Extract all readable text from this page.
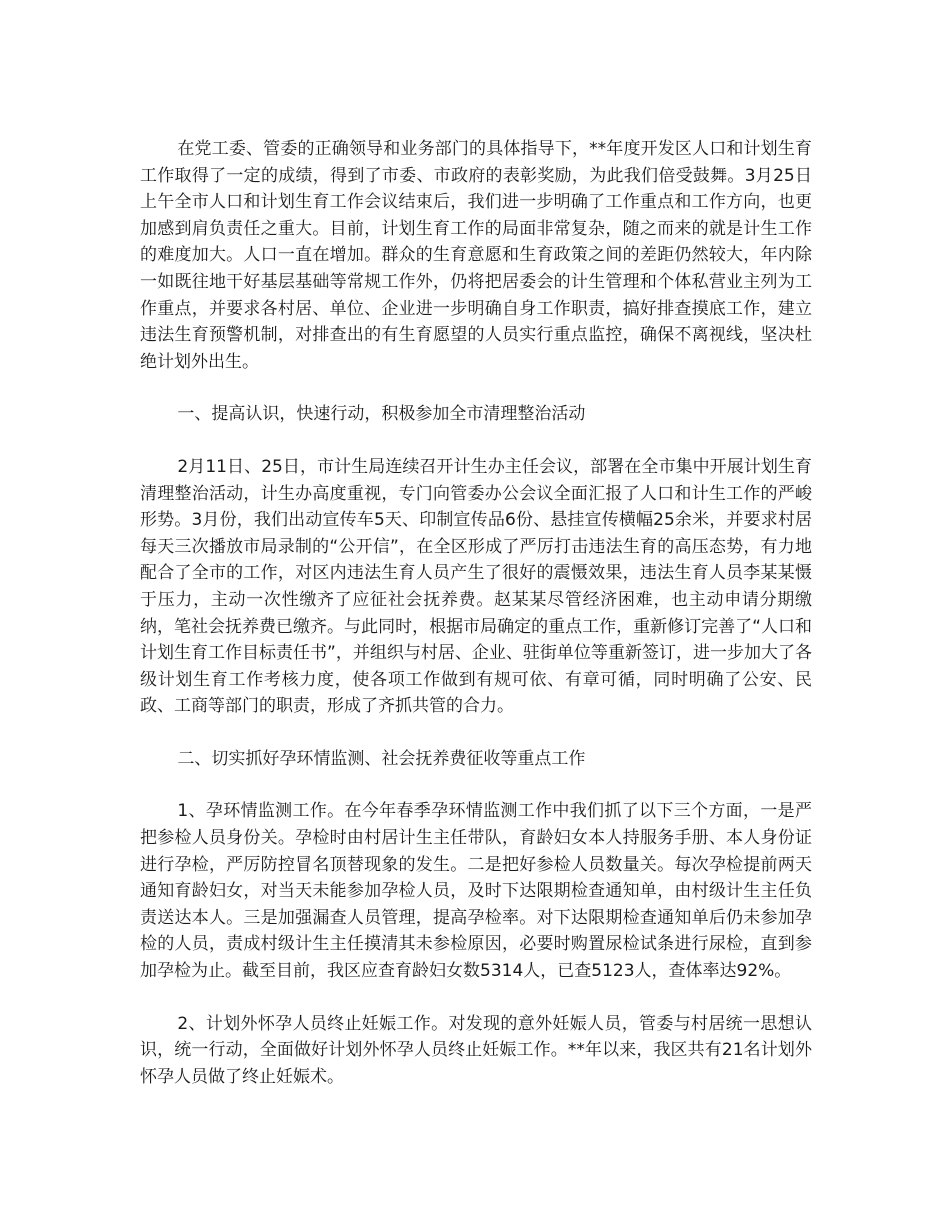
在党工委、管委的正确领导和业务部门的具体指导下，**年度开发区人口和计划生育工作取得了一定的成绩，得到了市委、市政府的表彰奖励，为此我们倍受鼓舞。3月25日上午全市人口和计划生育工作会议结束后，我们进一步明确了工作重点和工作方向，也更加感到肩负责任之重大。目前，计划生育工作的局面非常复杂，随之而来的就是计生工作的难度加大。人口一直在增加。群众的生育意愿和生育政策之间的差距仍然较大，年内除一如既往地干好基层基础等常规工作外，仍将把居委会的计生管理和个体私营业主列为工作重点，并要求各村居、单位、企业进一步明确自身工作职责，搞好排查摸底工作，建立违法生育预警机制，对排查出的有生育愿望的人员实行重点监控，确保不离视线，坚决杜绝计划外出生。

一、提高认识，快速行动，积极参加全市清理整治活动

2月11日、25日，市计生局连续召开计生办主任会议，部署在全市集中开展计划生育清理整治活动，计生办高度重视，专门向管委办公会议全面汇报了人口和计生工作的严峻形势。3月份，我们出动宣传车5天、印制宣传品6份、悬挂宣传横幅25余米，并要求村居每天三次播放市局录制的“公开信”，在全区形成了严厉打击违法生育的高压态势，有力地配合了全市的工作，对区内违法生育人员产生了很好的震慑效果，违法生育人员李某某慑于压力，主动一次性缴齐了应征社会抚养费。赵某某尽管经济困难，也主动申请分期缴纳，笔社会抚养费已缴齐。与此同时，根据市局确定的重点工作，重新修订完善了“人口和计划生育工作目标责任书”，并组织与村居、企业、驻街单位等重新签订，进一步加大了各级计划生育工作考核力度，使各项工作做到有规可依、有章可循，同时明确了公安、民政、工商等部门的职责，形成了齐抓共管的合力。

二、切实抓好孕环情监测、社会抚养费征收等重点工作

1、孕环情监测工作。在今年春季孕环情监测工作中我们抓了以下三个方面，一是严把参检人员身份关。孕检时由村居计生主任带队，育龄妇女本人持服务手册、本人身份证进行孕检，严厉防控冒名顶替现象的发生。二是把好参检人员数量关。每次孕检提前两天通知育龄妇女，对当天未能参加孕检人员，及时下达限期检查通知单，由村级计生主任负责送达本人。三是加强漏查人员管理，提高孕检率。对下达限期检查通知单后仍未参加孕检的人员，责成村级计生主任摸清其未参检原因，必要时购置尿检试条进行尿检，直到参加孕检为止。截至目前，我区应查育龄妇女数5314人，已查5123人，查体率达92%。

2、计划外怀孕人员终止妊娠工作。对发现的意外妊娠人员，管委与村居统一思想认识，统一行动，全面做好计划外怀孕人员终止妊娠工作。**年以来，我区共有21名计划外怀孕人员做了终止妊娠术。
